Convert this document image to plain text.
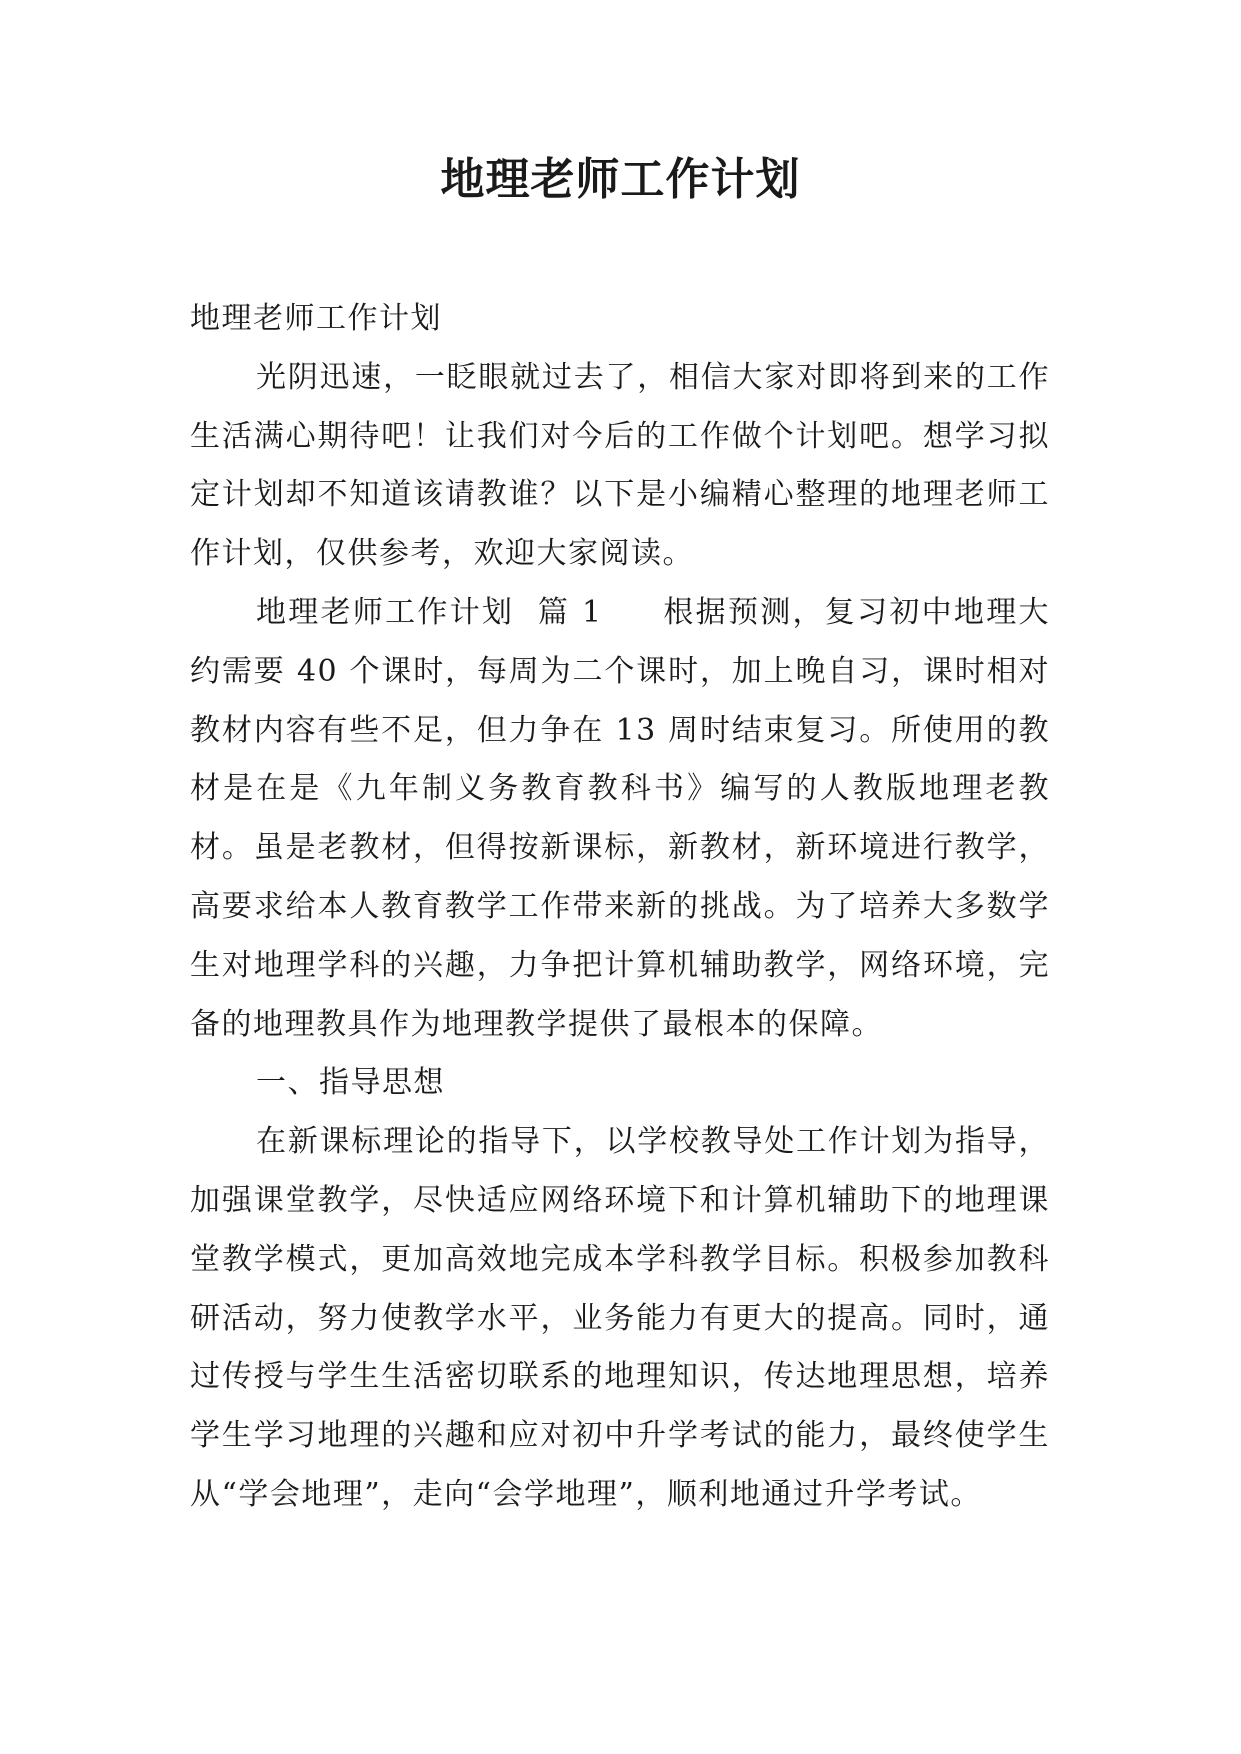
地理老师工作计划

地理老师工作计划

光阴迅速，一眨眼就过去了，相信大家对即将到来的工作生活满心期待吧！让我们对今后的工作做个计划吧。想学习拟定计划却不知道该请教谁？以下是小编精心整理的地理老师工作计划，仅供参考，欢迎大家阅读。

地理老师工作计划  篇 1 根据预测，复习初中地理大约需要 40 个课时，每周为二个课时，加上晚自习，课时相对教材内容有些不足，但力争在 13 周时结束复习。所使用的教材是在是《九年制义务教育教科书》编写的人教版地理老教材。虽是老教材，但得按新课标，新教材，新环境进行教学，高要求给本人教育教学工作带来新的挑战。为了培养大多数学生对地理学科的兴趣，力争把计算机辅助教学，网络环境，完备的地理教具作为地理教学提供了最根本的保障。

一、指导思想

在新课标理论的指导下，以学校教导处工作计划为指导，加强课堂教学，尽快适应网络环境下和计算机辅助下的地理课堂教学模式，更加高效地完成本学科教学目标。积极参加教科研活动，努力使教学水平，业务能力有更大的提高。同时，通过传授与学生生活密切联系的地理知识，传达地理思想，培养学生学习地理的兴趣和应对初中升学考试的能力，最终使学生从“学会地理”，走向“会学地理”，顺利地通过升学考试。
